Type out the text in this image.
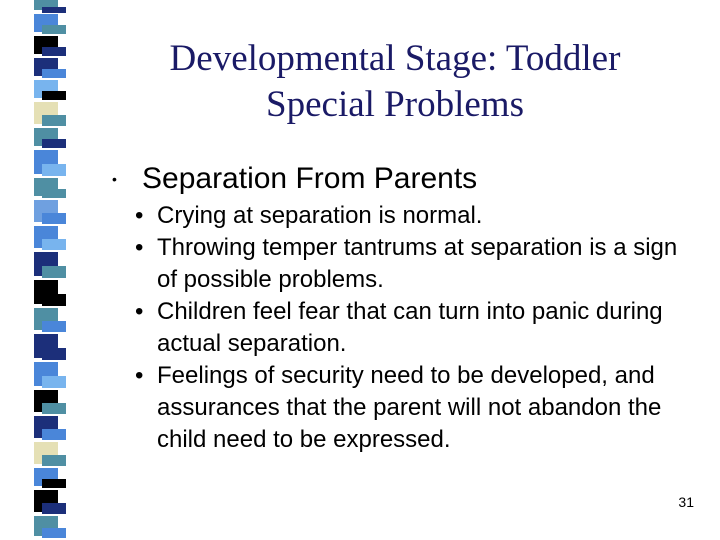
Developmental Stage: Toddler
Special Problems
• Separation From Parents
• Crying at separation is normal.
• Throwing temper tantrums at separation is a sign of possible problems.
• Children feel fear that can turn into panic during actual separation.
• Feelings of security need to be developed, and assurances that the parent will not abandon the child need to be expressed.
31
